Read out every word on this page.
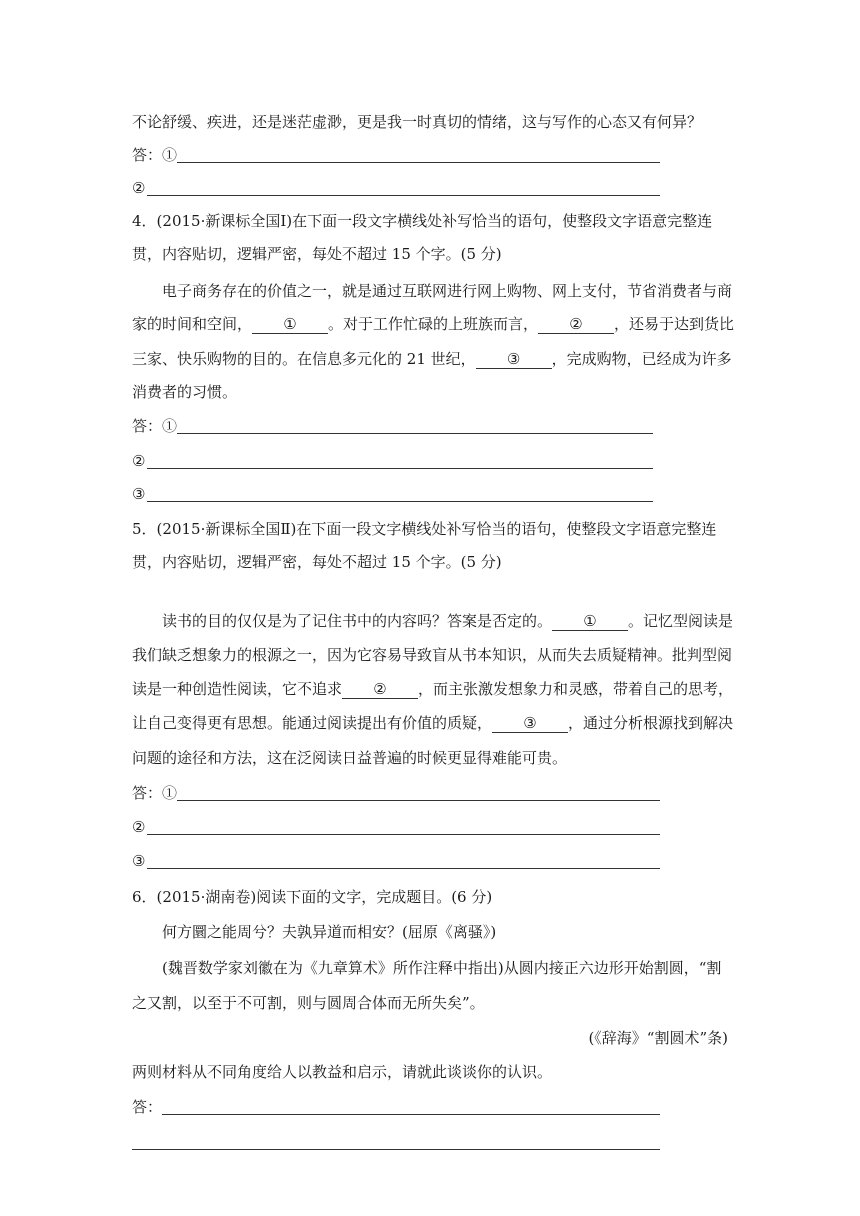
不论舒缓、疾进，还是迷茫虚渺，更是我一时真切的情绪，这与写作的心态又有何异？
答：①
②
4．(2015·新课标全国Ⅰ)在下面一段文字横线处补写恰当的语句，使整段文字语意完整连
贯，内容贴切，逻辑严密，每处不超过 15 个字。(5 分)
电子商务存在的价值之一，就是通过互联网进行网上购物、网上支付，节省消费者与商
家的时间和空间， ① 。对于工作忙碌的上班族而言， ② ，还易于达到货比
三家、快乐购物的目的。在信息多元化的 21 世纪， ③ ，完成购物，已经成为许多
消费者的习惯。
答：①
②
③
5．(2015·新课标全国Ⅱ)在下面一段文字横线处补写恰当的语句，使整段文字语意完整连
贯，内容贴切，逻辑严密，每处不超过 15 个字。(5 分)
读书的目的仅仅是为了记住书中的内容吗？答案是否定的。 ① 。记忆型阅读是
我们缺乏想象力的根源之一，因为它容易导致盲从书本知识，从而失去质疑精神。批判型阅
读是一种创造性阅读，它不追求 ② ，而主张激发想象力和灵感，带着自己的思考，
让自己变得更有思想。能通过阅读提出有价值的质疑， ③ ，通过分析根源找到解决
问题的途径和方法，这在泛阅读日益普遍的时候更显得难能可贵。
答：①
②
③
6．(2015·湖南卷)阅读下面的文字，完成题目。(6 分)
何方圜之能周兮？夫孰异道而相安？(屈原《离骚》)
(魏晋数学家刘徽在为《九章算术》所作注释中指出)从圆内接正六边形开始割圆，“割
之又割，以至于不可割，则与圆周合体而无所失矣”。
(《辞海》“割圆术”条)
两则材料从不同角度给人以教益和启示，请就此谈谈你的认识。
答：
